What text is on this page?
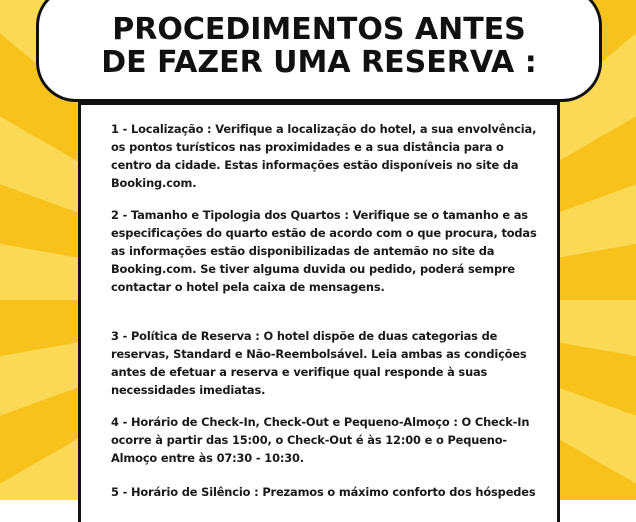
PROCEDIMENTOS ANTES
DE FAZER UMA RESERVA :
1 - Localização : Verifique a localização do hotel, a sua envolvência,
os pontos turísticos nas proximidades e a sua distância para o
centro da cidade. Estas informações estão disponíveis no site da
Booking.com.
2 - Tamanho e Tipologia dos Quartos : Verifique se o tamanho e as
especificações do quarto estão de acordo com o que procura, todas
as informações estão disponibilizadas de antemão no site da
Booking.com. Se tiver alguma duvida ou pedido, poderá sempre
contactar o hotel pela caixa de mensagens.
3 - Política de Reserva : O hotel dispõe de duas categorias de
reservas, Standard e Não-Reembolsável. Leia ambas as condições
antes de efetuar a reserva e verifique qual responde à suas
necessidades imediatas.
4 - Horário de Check-In, Check-Out e Pequeno-Almoço : O Check-In
ocorre à partir das 15:00, o Check-Out é às 12:00 e o Pequeno-
Almoço entre às 07:30 - 10:30.
5 - Horário de Silêncio : Prezamos o máximo conforto dos hóspedes
